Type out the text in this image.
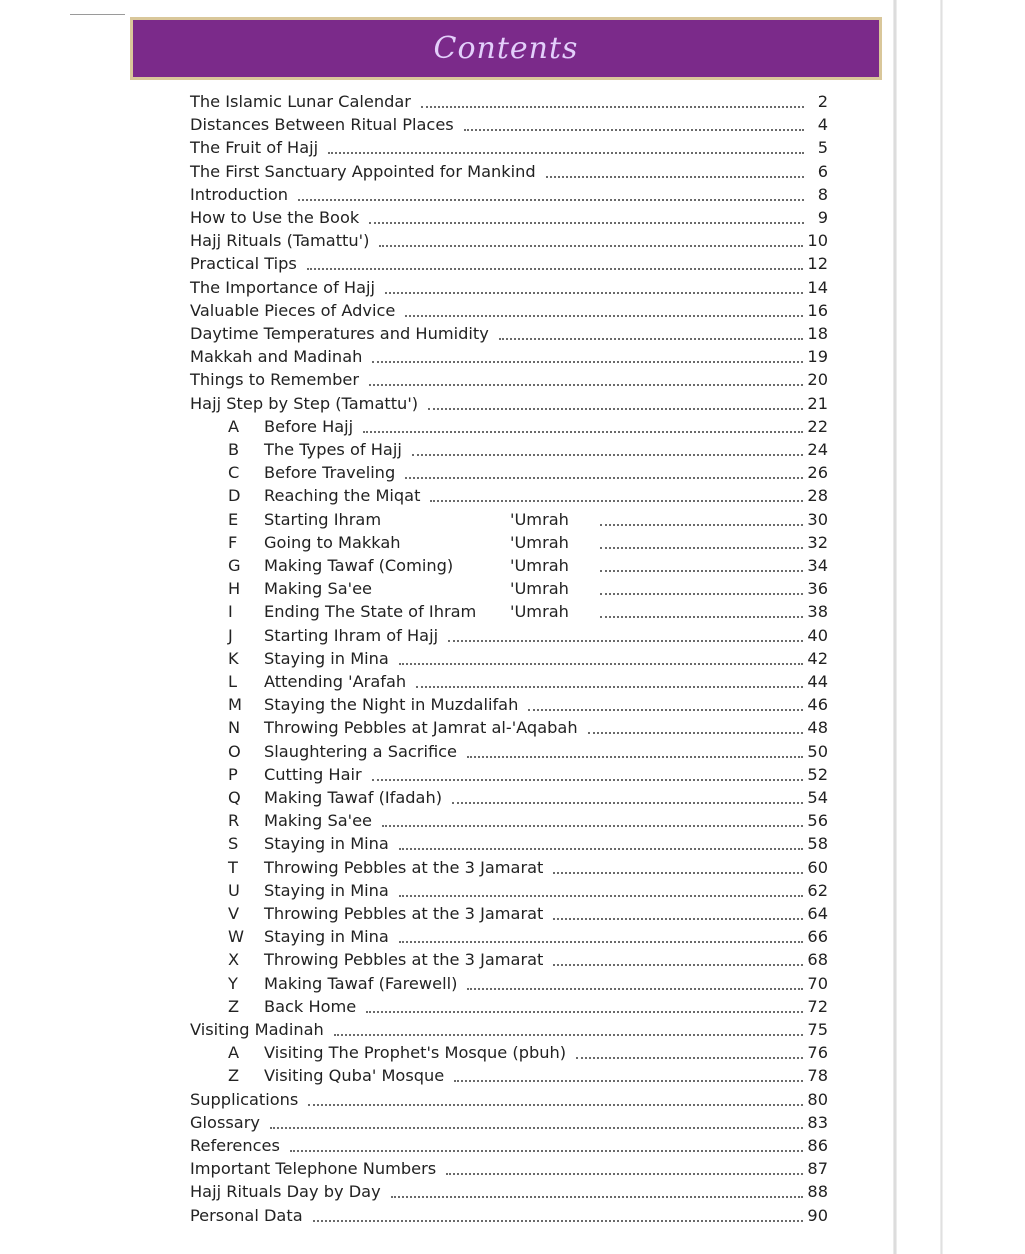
Contents
The Islamic Lunar Calendar	2
Distances Between Ritual Places	4
The Fruit of Hajj	5
The First Sanctuary Appointed for Mankind	6
Introduction	8
How to Use the Book	9
Hajj Rituals (Tamattu')	10
Practical Tips	12
The Importance of Hajj	14
Valuable Pieces of Advice	16
Daytime Temperatures and Humidity	18
Makkah and Madinah	19
Things to Remember	20
Hajj Step by Step (Tamattu')	21
A	Before Hajj	22
B	The Types of Hajj	24
C	Before Traveling	26
D	Reaching the Miqat	28
E	Starting Ihram	'Umrah	30
F	Going to Makkah	'Umrah	32
G	Making Tawaf (Coming)	'Umrah	34
H	Making Sa'ee	'Umrah	36
I	Ending The State of Ihram	'Umrah	38
J	Starting Ihram of Hajj	40
K	Staying in Mina	42
L	Attending 'Arafah	44
M	Staying the Night in Muzdalifah	46
N	Throwing Pebbles at Jamrat al-'Aqabah	48
O	Slaughtering a Sacrifice	50
P	Cutting Hair	52
Q	Making Tawaf (Ifadah)	54
R	Making Sa'ee	56
S	Staying in Mina	58
T	Throwing Pebbles at the 3 Jamarat	60
U	Staying in Mina	62
V	Throwing Pebbles at the 3 Jamarat	64
W	Staying in Mina	66
X	Throwing Pebbles at the 3 Jamarat	68
Y	Making Tawaf (Farewell)	70
Z	Back Home	72
Visiting Madinah	75
A	Visiting The Prophet's Mosque (pbuh)	76
Z	Visiting Quba' Mosque	78
Supplications	80
Glossary	83
References	86
Important Telephone Numbers	87
Hajj Rituals Day by Day	88
Personal Data	90
